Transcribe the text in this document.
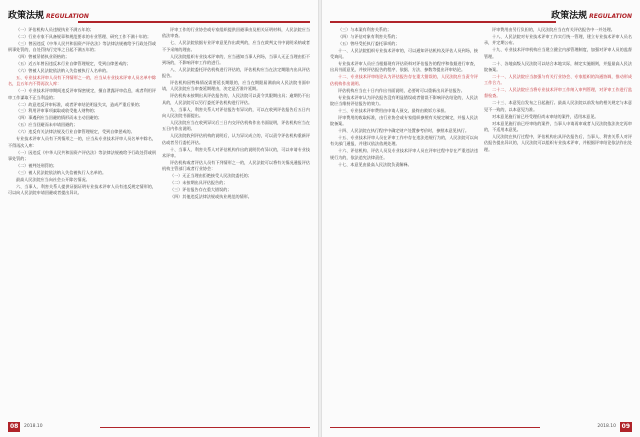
政策法规 REGULATION

（一）评估机构人员违规执业不满五年的；

（二）行业专家不具备规章和规范要求的专业管理、研究工作不满十年的；

（三）曾因违反《中华人民共和国资产评估法》等法律法规被给予行政处罚或刑事处罚的，自处罚执行完毕之日起不满五年的；

（四）曾被吊销执业资格的；

（五）近五年曾因违反本行业自律管理规定，受到自律惩戒的；

（六）曾被人民法院依法纳入失信被执行人名单的。

五、专业技术评审人员有下列情形之一的，应当从专业技术评审人员名单中除名，且五年内不得再次入库：

（一）专业技术评审期间违反评审保密规定，擅自泄露评审信息，或者利用评审工作谋取不正当利益的；

（二）故意违反评审标准，或者评审结论明显失实，造成严重后果的；

（三）利用评审事项索取或收受他人财物的；

（四）事遇到应当回避的情形而未主动回避的；

（五）应当回避而未申请回避的；

（六）违反有关法律法规及行业自律管理规定，受到自律惩戒的。

专业技术评审人员有下列情形之一的，应当从专业技术评审人员名单中除名，不得再次入库：

（一）因违反《中华人民共和国资产评估法》等法律法规被给予行政处罚或刑事处罚的；

（二）被判处刑罚的；

（三）被人民法院依法纳入失信被执行人名单的。

最高人民法院应当向社会公开除名情况。

六、当事人、利害关系人提供证据证明专业技术评审人员有违反规定情形的，可以向人民法院申请回避或者提出异议。

评审工作的行业协会或专家组织提供回避事由及相关证明材料，人民法院应当依法审查。

七、人民法院依据专业评审意见作出裁判的，应当在裁判文书中说明采纳或者不予采纳的理由。

人民法院组织专业技术评审的，应当通知当事人到场，当事人无正当理由拒不到场的，不影响评审工作的进行。

八、人民法院委托评估机构进行评估的，评估机构应当在法定期限内出具评估报告。

评估机构因特殊情况需要延长期限的，应当在期限届满前向人民法院书面申请，人民法院应当审查延期理由，决定是否准许延期。

评估机构未按期出具评估报告的，人民法院可以责令其限期出具；逾期仍不出具的，人民法院可以另行委托评估机构进行评估。

九、当事人、利害关系人对评估报告有异议的，可以在收到评估报告后五日内向人民法院书面提出。

人民法院应当在收到异议后三日内交评估机构作出书面说明，评估机构应当在五日内作出说明。

人民法院收到评估机构的说明后，认为异议成立的，可以责令评估机构重新评估或者另行委托评估。

十、当事人、利害关系人对评估机构作出的说明仍有异议的，可以申请专业技术评审。

评估机构或者评估人员有下列情形之一的，人民法院可以将有关情况通报评估机构主管部门或者行业协会：

（一）无正当理由拒绝接受人民法院委托的；

（二）未按期出具评估报告的；

（三）评估报告存在重大错误的；

（四）其他违反法律法规或执业规范的情形。

08	2018.10
政策法规 REGULATION

（三）与本案有利害关系的；

（四）与评估对象有利害关系的；

（五）曾经受托执行委托事项的；

十一、人民法院组织专业技术评审的，可以通知评估机构及评估人员到场，接受询问。

专业技术评审人员应当根据现有评估资料对评估报告的程序和依据进行审查，出具书面意见，并按评估报告的程序、依据、方法、参数等提出评审结论。

十二、专业技术评审结论认为评估报告存在重大错误的，人民法院应当责令评估机构作出说明。

评估机构应当在十日内作出书面说明，必要时可以重新出具评估报告。

专业技术评审认为评估报告没有明显错误或者错误不影响评估结论的，人民法院应当维持评估报告的效力。

十三、专业技术评审费用由申请人预交，最终由败诉方承担。

评审费用的收取标准，由行业协会或专家组织参照有关规定制定，并报人民法院备案。

十四、人民法院在执行程序中确定财产处置参考价时，参照本意见执行。

十五、专业技术评审人员在评审工作中存在违法违规行为的，人民法院可以向有关部门通报，并建议依法依规处理。

十六、评估机构、评估人员及专业技术评审人员在评审过程中存在严重违法违规行为的，依法追究法律责任。

十七、本意见由最高人民法院负责解释。

评审费用由另行负担的，人民法院应当在有关评估报告中一并处理。

十八、人民法院对专业技术评审工作实行统一管理，建立专业技术评审人员名录，并定期公布。

十九、专业技术评审机构应当建立健全内部管理制度，加强对评审人员的监督管理。

二十、各地高级人民法院可以结合本地实际，制定实施细则，并报最高人民法院备案。

二十一、人民法院应当加强与有关行业协会、专家组织的沟通协调，推动形成工作合力。

二十二、人民法院应当将专业技术评审工作纳入审判管理，对评审工作进行监督检查。

二十三、本意见自发布之日起施行。最高人民法院以前发布的相关规定与本意见不一致的，以本意见为准。

对本意见施行前已经受理但尚未审结的案件，适用本意见。

对本意见施行前已经审结的案件，当事人申请再审或者人民法院依法决定再审的，不适用本意见。

人民法院在执行过程中，评估机构出具评估报告后，当事人、利害关系人对评估报告提出异议的，人民法院可以组织专业技术评审，并根据评审结论依法作出处理。

2018.10 09
